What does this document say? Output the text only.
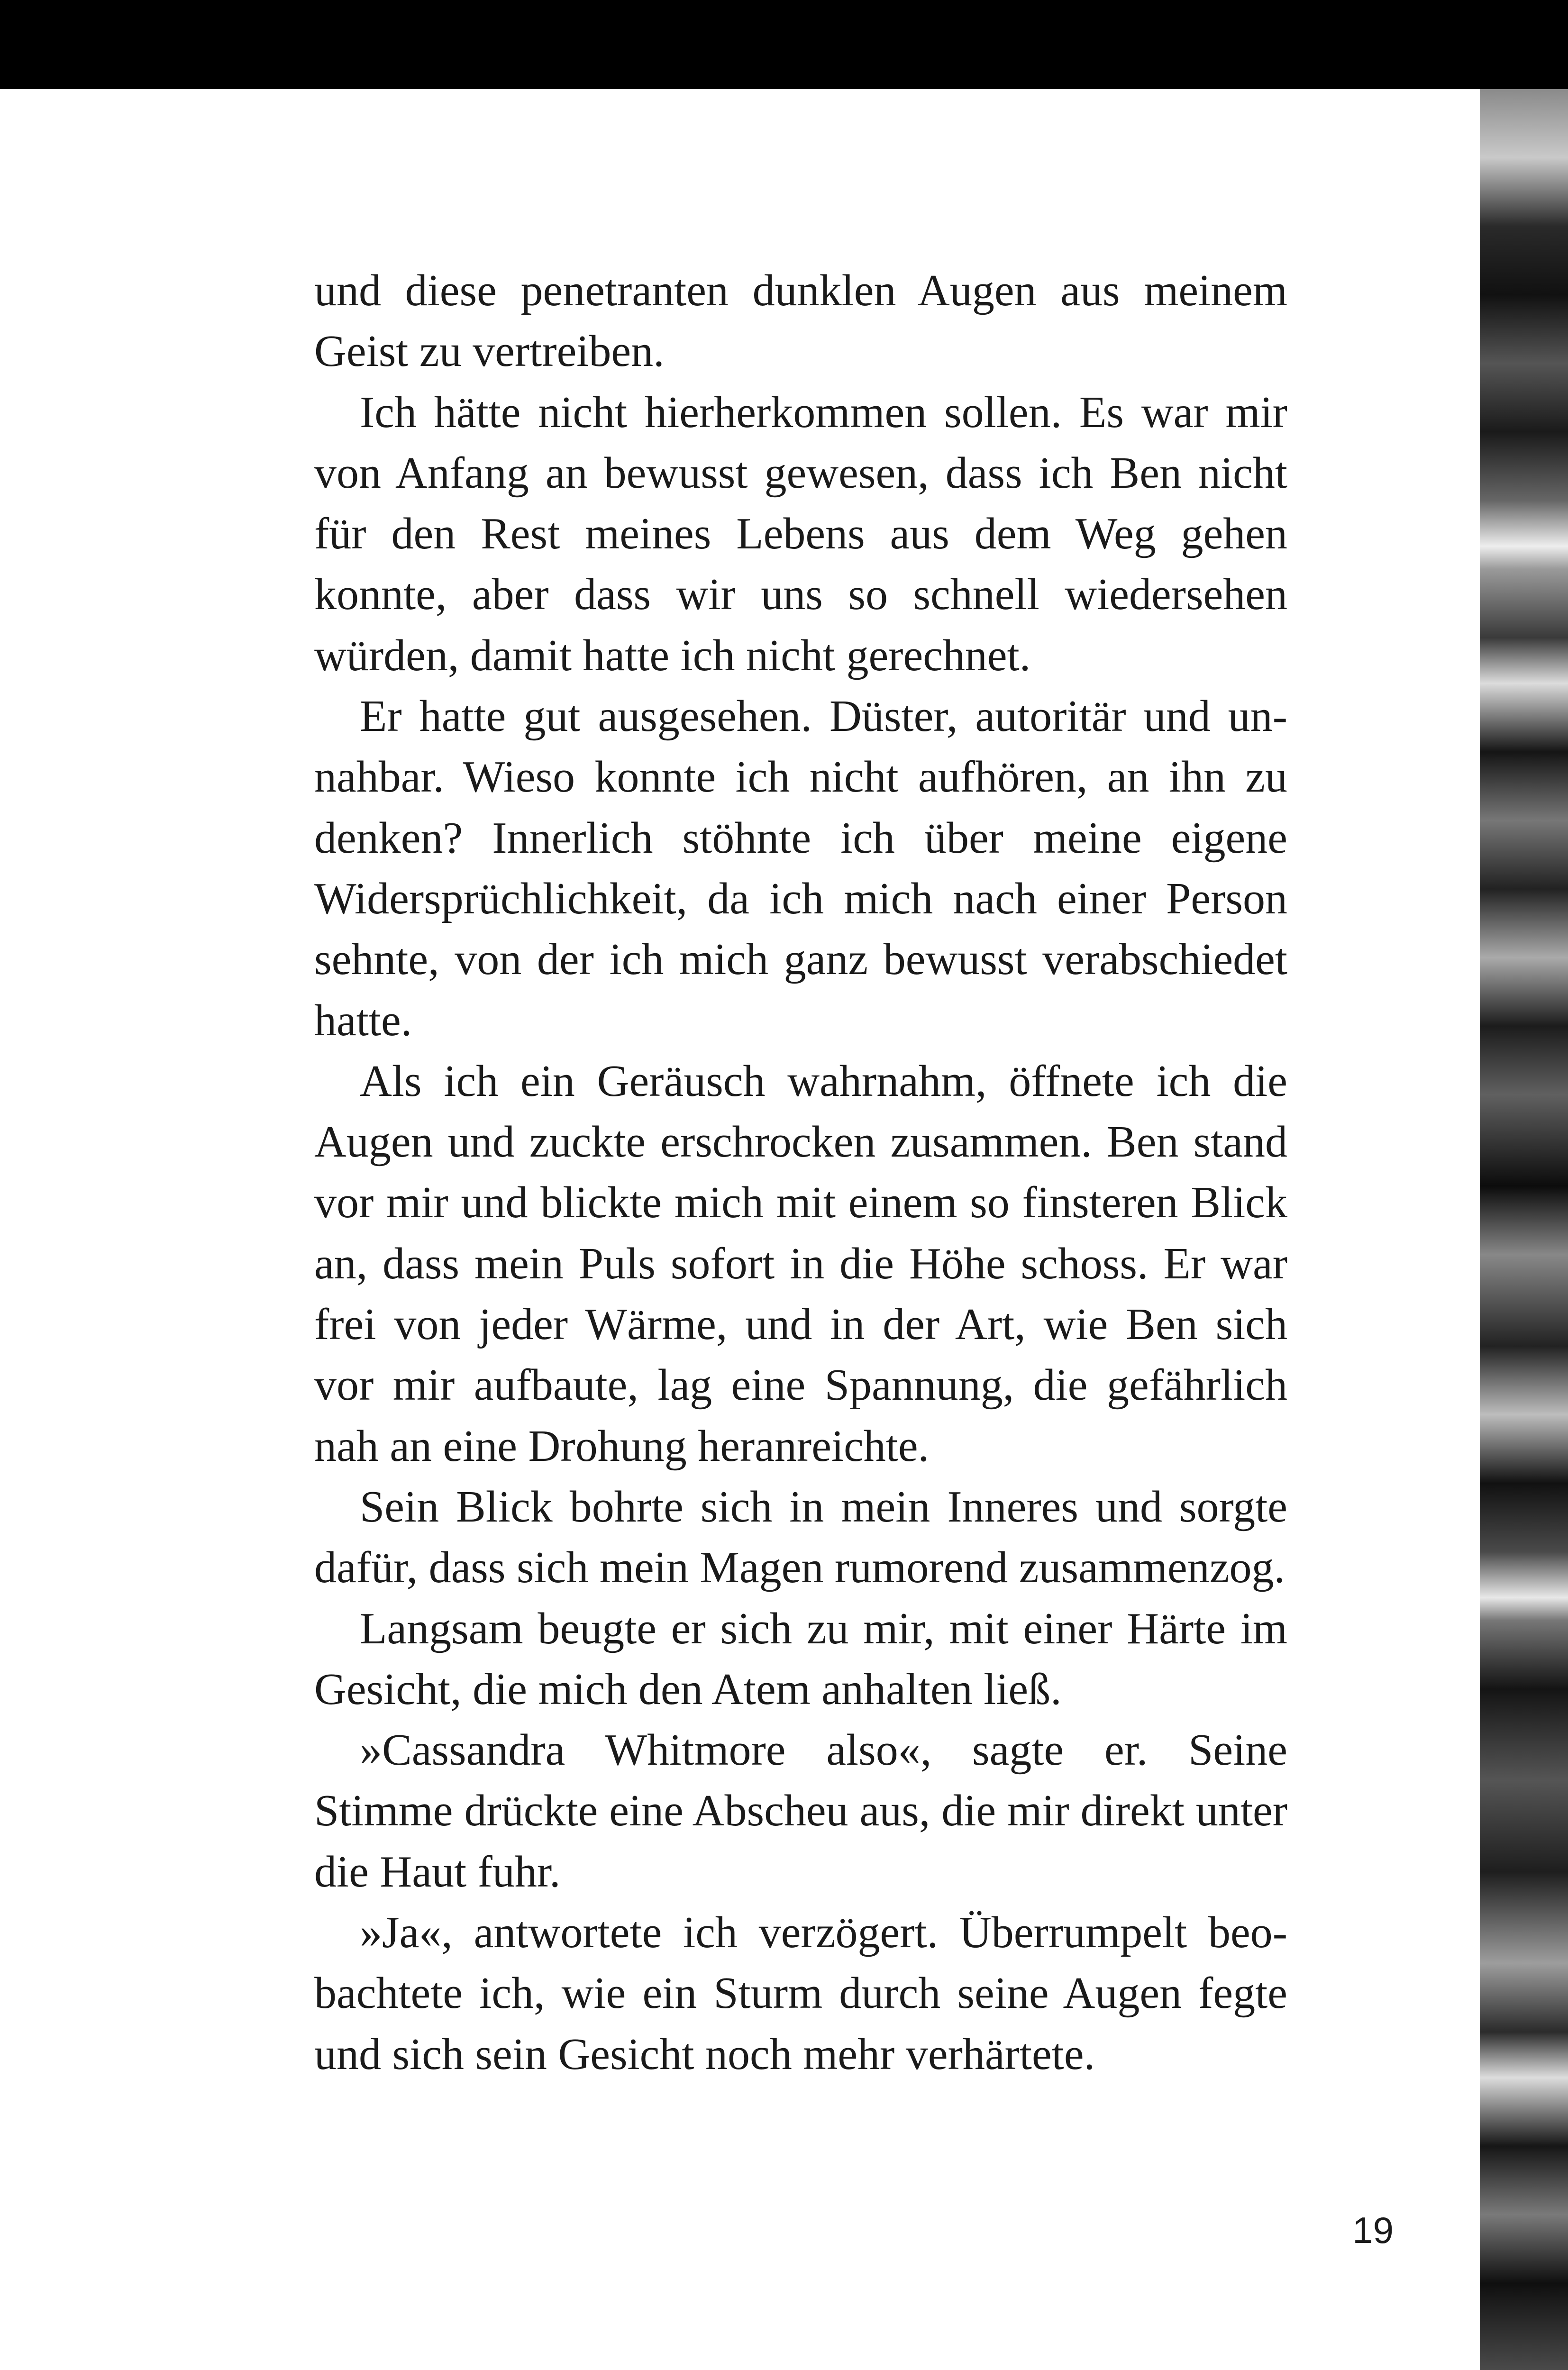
und diese penetranten dunklen Augen aus meinem Geist zu vertreiben.

Ich hätte nicht hierherkommen sollen. Es war mir von Anfang an bewusst gewesen, dass ich Ben nicht für den Rest meines Lebens aus dem Weg gehen konnte, aber dass wir uns so schnell wiedersehen würden, damit hatte ich nicht gerechnet.

Er hatte gut ausgesehen. Düster, autoritär und unnahbar. Wieso konnte ich nicht aufhören, an ihn zu denken? Innerlich stöhnte ich über meine eigene Widersprüchlichkeit, da ich mich nach einer Person sehnte, von der ich mich ganz bewusst verabschiedet hatte.

Als ich ein Geräusch wahrnahm, öffnete ich die Augen und zuckte erschrocken zusammen. Ben stand vor mir und blickte mich mit einem so finsteren Blick an, dass mein Puls sofort in die Höhe schoss. Er war frei von jeder Wärme, und in der Art, wie Ben sich vor mir aufbaute, lag eine Spannung, die gefährlich nah an eine Drohung heranreichte.

Sein Blick bohrte sich in mein Inneres und sorgte dafür, dass sich mein Magen rumorend zusammenzog.

Langsam beugte er sich zu mir, mit einer Härte im Gesicht, die mich den Atem anhalten ließ.

»Cassandra Whitmore also«, sagte er. Seine Stimme drückte eine Abscheu aus, die mir direkt unter die Haut fuhr.

»Ja«, antwortete ich verzögert. Überrumpelt beobachtete ich, wie ein Sturm durch seine Augen fegte und sich sein Gesicht noch mehr verhärtete.

19
